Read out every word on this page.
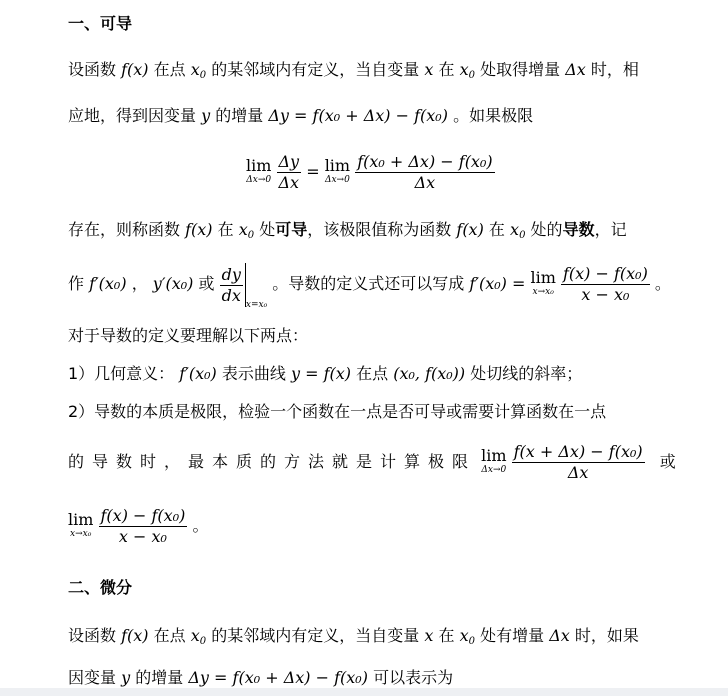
一、可导
设函数 f(x) 在点 $x_0$ 的某邻域内有定义，当自变量 x 在 $x_0$ 处取得增量 Δx 时，相
应地，得到因变量 y 的增量 Δy = f(x₀ + Δx) − f(x₀) 。如果极限
lim
Δx→0
$\frac{\Delta y}{\Delta x} = \lim$
Δx→0
$\frac{\text{f(x₀ + Δx) − f(x₀)}}{\Delta x}$
存在，则称函数 f(x) 在 $x_0$ 处可导，该极限值称为函数 f(x) 在 $x_0$ 处的导数，记
作 f′(x₀) ， y′(x₀) 或 $\frac{dy}{dx} x=x_0$ 。导数的定义式还可以写成 f′(x₀) = lim
x→x₀
$\frac{\text{f(x) − f(x₀)}}{\text{x − x₀}}$ 。
对于导数的定义要理解以下两点：
1）几何意义： f′(x₀) 表示曲线 y = f(x) 在点 (x₀, f(x₀)) 处切线的斜率；
2）导数的本质是极限，检验一个函数在一点是否可导或需要计算函数在一点
的导数时，最本质的方法就是计算极限 lim
Δx→0
$\frac{\text{f(x + Δx) − f(x₀)}}{\Delta x}$ 或
lim
x→x₀
$\frac{\text{f(x) − f(x₀)}}{\text{x − x₀}}$ 。
二、微分
设函数 f(x) 在点 $x_0$ 的某邻域内有定义，当自变量 x 在 $x_0$ 处有增量 Δx 时，如果
因变量 y 的增量 Δy = f(x₀ + Δx) − f(x₀) 可以表示为
